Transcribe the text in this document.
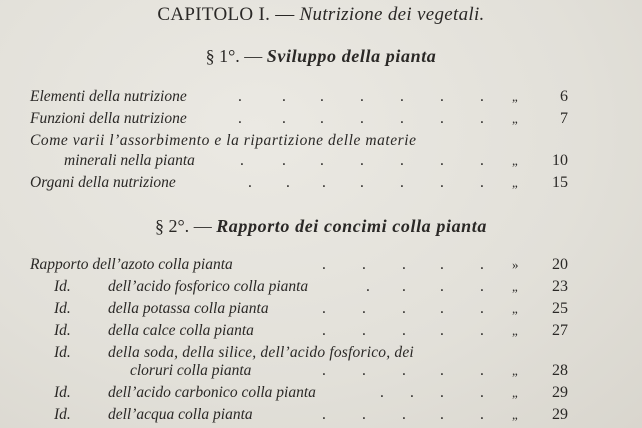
CAPITOLO I. — Nutrizione dei vegetali.
§ 1°. — Sviluppo della pianta
Elementi della nutrizione	.	. . . . . . „	6
Funzioni della nutrizione	.	. . . . . . „	7
Come varii l’assorbimento e la ripartizione delle materie
minerali nella pianta	. . . . . . . „ 10
Organi della nutrizione	. . . . . . . „ 15
§ 2°. — Rapporto dei concimi colla pianta
Rapporto dell’azoto colla pianta	. . . . . » 20
Id. dell’acido fosforico colla pianta	. . . . „ 23
Id. della potassa colla pianta	. . . . . „ 25
Id. della calce colla pianta	. . . . . „ 27
Id. della soda, della silice, dell’acido fosforico, dei
cloruri colla pianta	. . . . . „ 28
Id. dell’acido carbonico colla pianta	. . . . „ 29
Id. dell’acqua colla pianta	. . . . . „ 29
